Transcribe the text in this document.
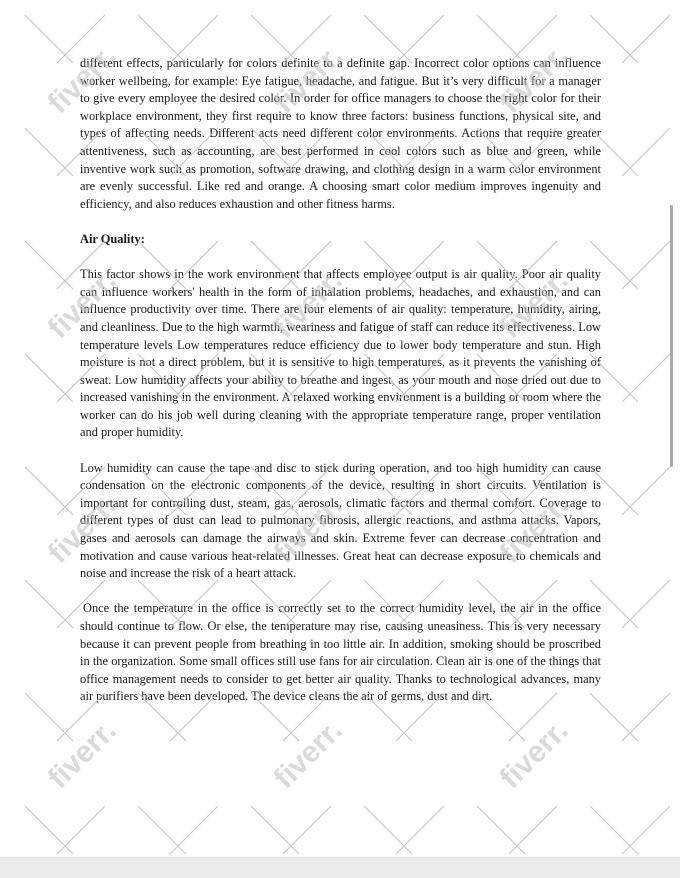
different effects, particularly for colors definite to a definite gap. Incorrect color options can influence worker wellbeing, for example: Eye fatigue, headache, and fatigue. But it’s very difficult for a manager to give every employee the desired color. In order for office managers to choose the right color for their workplace environment, they first require to know three factors: business functions, physical site, and types of affecting needs. Different acts need different color environments. Actions that require greater attentiveness, such as accounting, are best performed in cool colors such as blue and green, while inventive work such as promotion, software drawing, and clothing design in a warm color environment are evenly successful. Like red and orange. A choosing smart color medium improves ingenuity and efficiency, and also reduces exhaustion and other fitness harms.

Air Quality:

This factor shows in the work environment that affects employee output is air quality. Poor air quality can influence workers' health in the form of inhalation problems, headaches, and exhaustion, and can influence productivity over time. There are four elements of air quality: temperature, humidity, airing, and cleanliness. Due to the high warmth, weariness and fatigue of staff can reduce its effectiveness. Low temperature levels Low temperatures reduce efficiency due to lower body temperature and stun. High moisture is not a direct problem, but it is sensitive to high temperatures, as it prevents the vanishing of sweat. Low humidity affects your ability to breathe and ingest, as your mouth and nose dried out due to increased vanishing in the environment. A relaxed working environment is a building or room where the worker can do his job well during cleaning with the appropriate temperature range, proper ventilation and proper humidity.

Low humidity can cause the tape and disc to stick during operation, and too high humidity can cause condensation on the electronic components of the device, resulting in short circuits. Ventilation is important for controlling dust, steam, gas, aerosols, climatic factors and thermal comfort. Coverage to different types of dust can lead to pulmonary fibrosis, allergic reactions, and asthma attacks. Vapors, gases and aerosols can damage the airways and skin. Extreme fever can decrease concentration and motivation and cause various heat-related illnesses. Great heat can decrease exposure to chemicals and noise and increase the risk of a heart attack.

Once the temperature in the office is correctly set to the correct humidity level, the air in the office should continue to flow. Or else, the temperature may rise, causing uneasiness. This is very necessary because it can prevent people from breathing in too little air. In addition, smoking should be proscribed in the organization. Some small offices still use fans for air circulation. Clean air is one of the things that office management needs to consider to get better air quality. Thanks to technological advances, many air purifiers have been developed. The device cleans the air of germs, dust and dirt.

fiverr.	fiverr.	fiverr.
fiverr.	fiverr.	fiverr.
fiverr.	fiverr.	fiverr.
fiverr.	fiverr.	fiverr.
